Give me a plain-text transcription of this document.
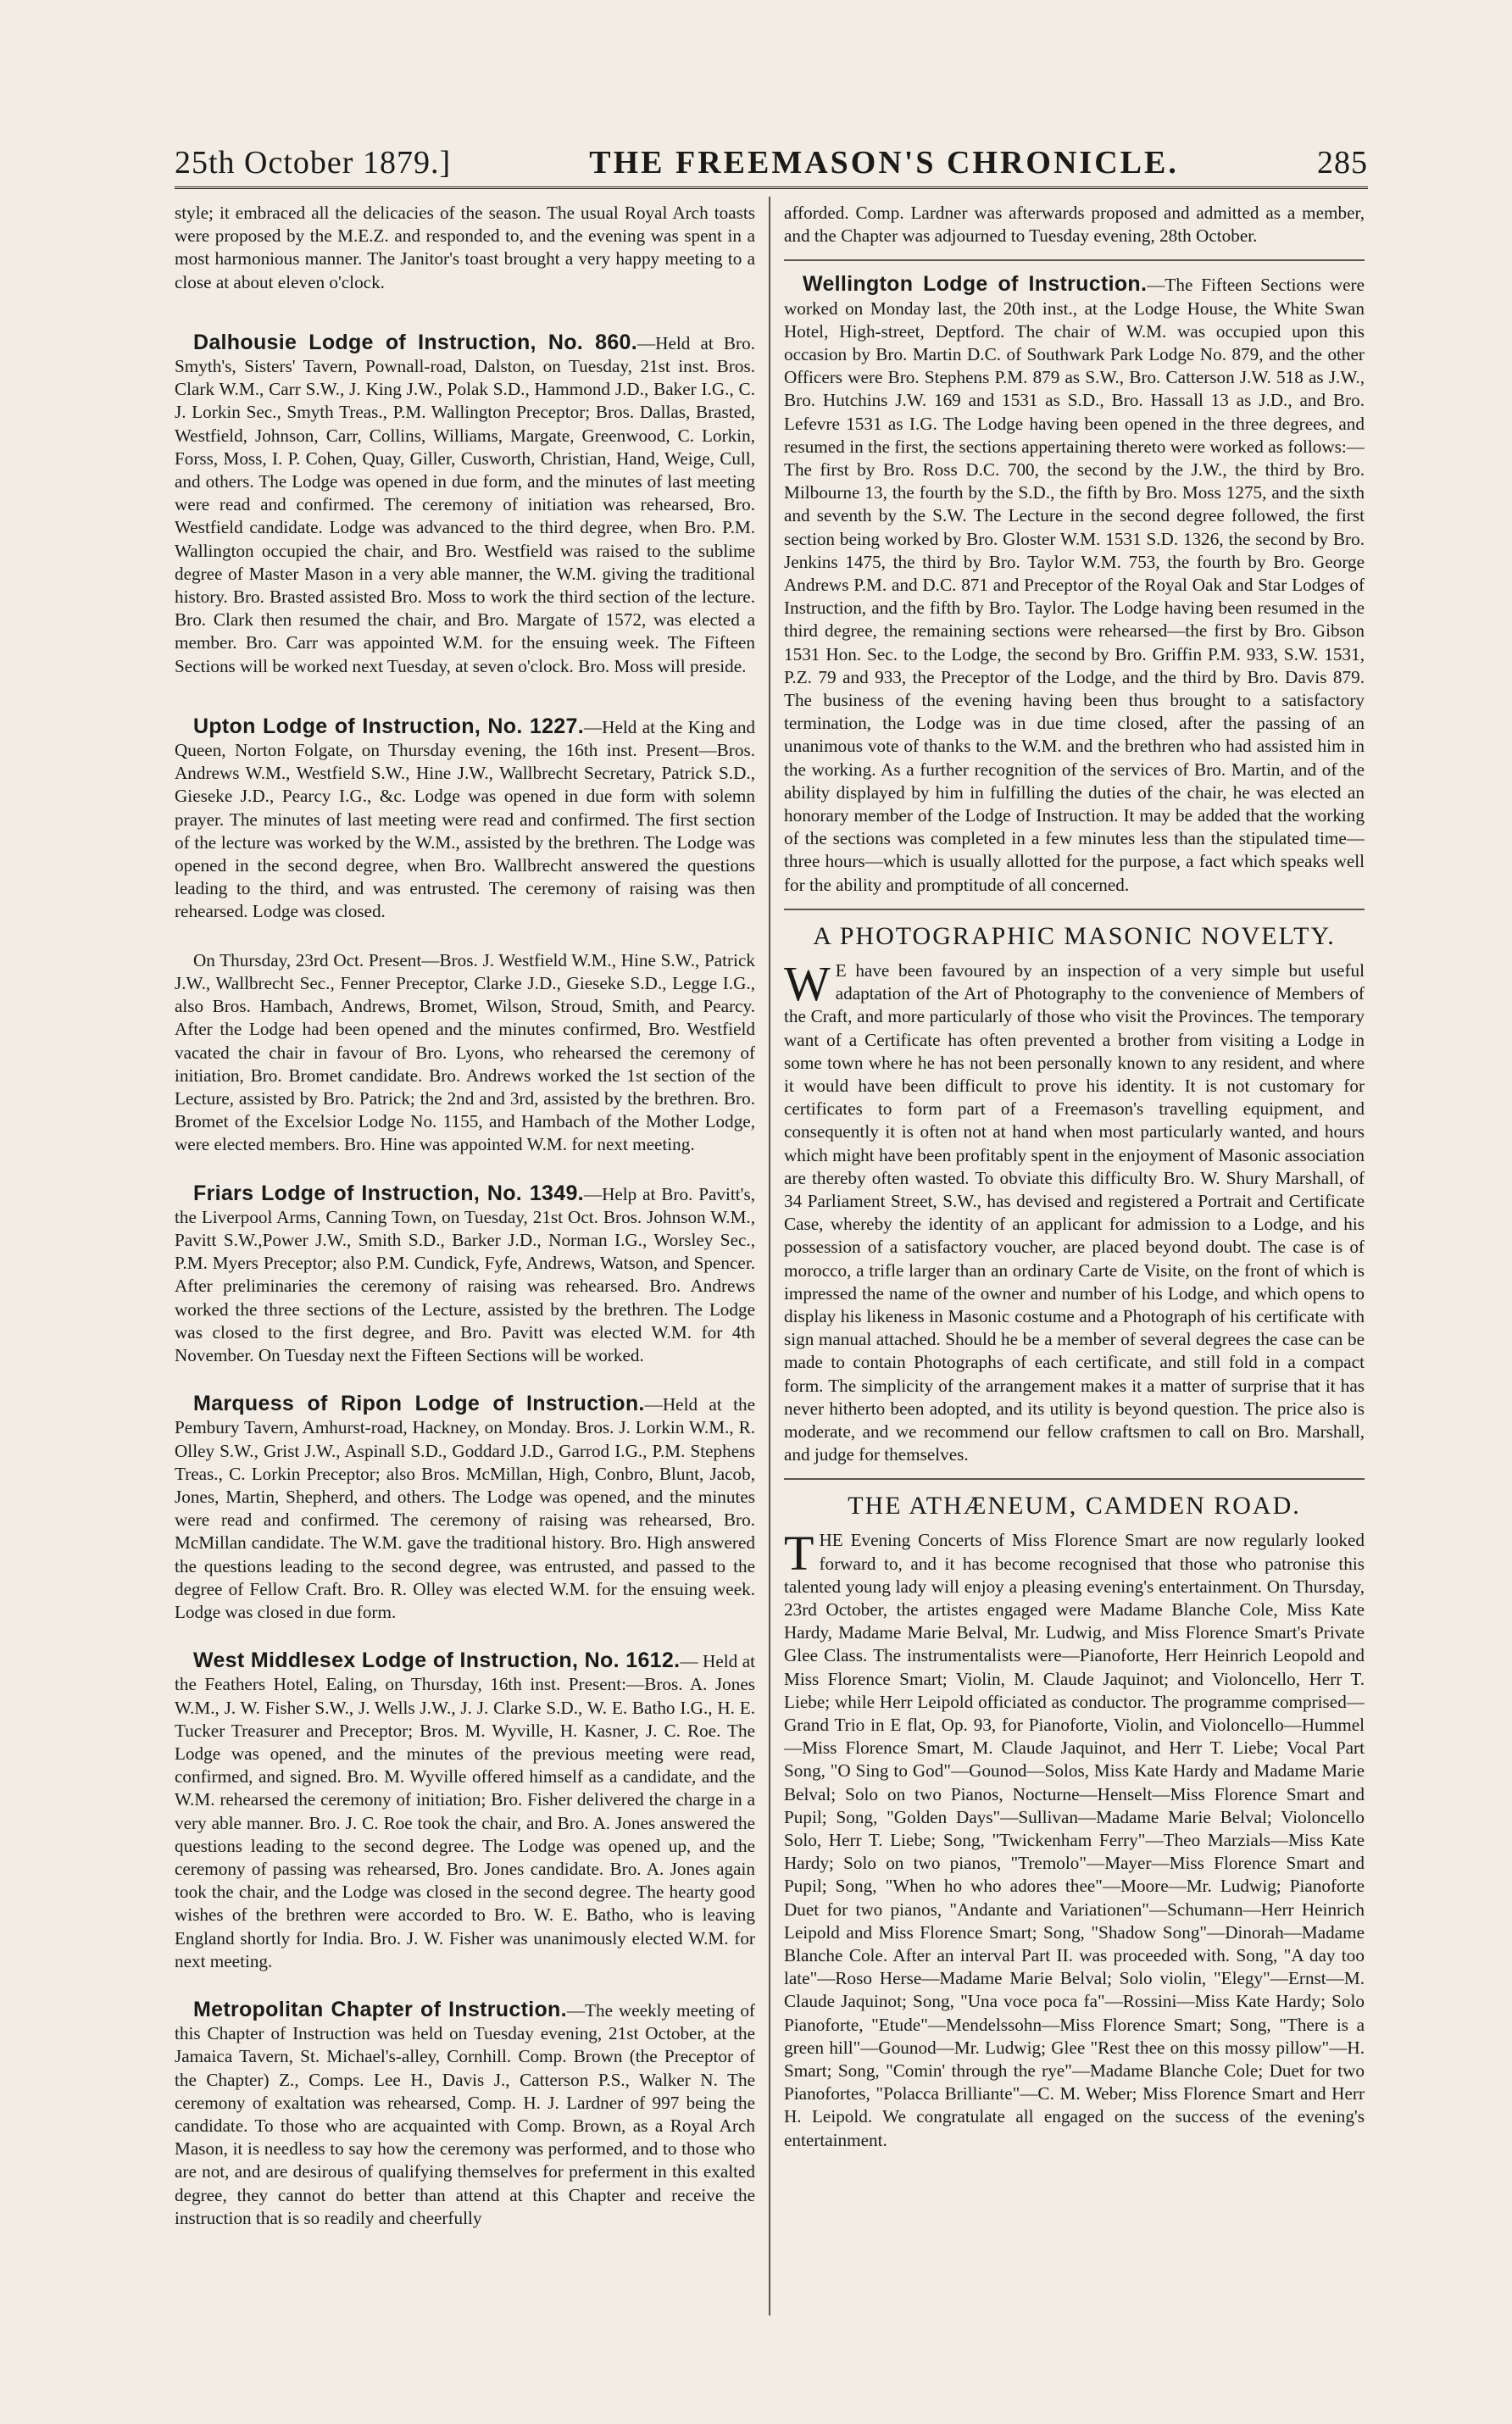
25th October 1879.]	THE FREEMASON'S CHRONICLE.	285

style; it embraced all the delicacies of the season. The usual Royal Arch toasts were proposed by the M.E.Z. and responded to, and the evening was spent in a most harmonious manner. The Janitor's toast brought a very happy meeting to a close at about eleven o'clock.

Dalhousie Lodge of Instruction, No. 860.—Held at Bro. Smyth's, Sisters' Tavern, Pownall-road, Dalston, on Tuesday, 21st inst. Bros. Clark W.M., Carr S.W., J. King J.W., Polak S.D., Hammond J.D., Baker I.G., C. J. Lorkin Sec., Smyth Treas., P.M. Wallington Preceptor; Bros. Dallas, Brasted, Westfield, Johnson, Carr, Collins, Williams, Margate, Greenwood, C. Lorkin, Forss, Moss, I. P. Cohen, Quay, Giller, Cusworth, Christian, Hand, Weige, Cull, and others. The Lodge was opened in due form, and the minutes of last meeting were read and confirmed. The ceremony of initiation was rehearsed, Bro. Westfield candidate. Lodge was advanced to the third degree, when Bro. P.M. Wallington occupied the chair, and Bro. Westfield was raised to the sublime degree of Master Mason in a very able manner, the W.M. giving the traditional history. Bro. Brasted assisted Bro. Moss to work the third section of the lecture. Bro. Clark then resumed the chair, and Bro. Margate of 1572, was elected a member. Bro. Carr was appointed W.M. for the ensuing week. The Fifteen Sections will be worked next Tuesday, at seven o'clock. Bro. Moss will preside.

Upton Lodge of Instruction, No. 1227.—Held at the King and Queen, Norton Folgate, on Thursday evening, the 16th inst. Present—Bros. Andrews W.M., Westfield S.W., Hine J.W., Wallbrecht Secretary, Patrick S.D., Gieseke J.D., Pearcy I.G., &c. Lodge was opened in due form with solemn prayer. The minutes of last meeting were read and confirmed. The first section of the lecture was worked by the W.M., assisted by the brethren. The Lodge was opened in the second degree, when Bro. Wallbrecht answered the questions leading to the third, and was entrusted. The ceremony of raising was then rehearsed. Lodge was closed.

On Thursday, 23rd Oct. Present—Bros. J. Westfield W.M., Hine S.W., Patrick J.W., Wallbrecht Sec., Fenner Preceptor, Clarke J.D., Gieseke S.D., Legge I.G., also Bros. Hambach, Andrews, Bromet, Wilson, Stroud, Smith, and Pearcy. After the Lodge had been opened and the minutes confirmed, Bro. Westfield vacated the chair in favour of Bro. Lyons, who rehearsed the ceremony of initiation, Bro. Bromet candidate. Bro. Andrews worked the 1st section of the Lecture, assisted by Bro. Patrick; the 2nd and 3rd, assisted by the brethren. Bro. Bromet of the Excelsior Lodge No. 1155, and Hambach of the Mother Lodge, were elected members. Bro. Hine was appointed W.M. for next meeting.

Friars Lodge of Instruction, No. 1349.—Help at Bro. Pavitt's, the Liverpool Arms, Canning Town, on Tuesday, 21st Oct. Bros. Johnson W.M., Pavitt S.W.,Power J.W., Smith S.D., Barker J.D., Norman I.G., Worsley Sec., P.M. Myers Preceptor; also P.M. Cundick, Fyfe, Andrews, Watson, and Spencer. After preliminaries the ceremony of raising was rehearsed. Bro. Andrews worked the three sections of the Lecture, assisted by the brethren. The Lodge was closed to the first degree, and Bro. Pavitt was elected W.M. for 4th November. On Tuesday next the Fifteen Sections will be worked.

Marquess of Ripon Lodge of Instruction.—Held at the Pembury Tavern, Amhurst-road, Hackney, on Monday. Bros. J. Lorkin W.M., R. Olley S.W., Grist J.W., Aspinall S.D., Goddard J.D., Garrod I.G., P.M. Stephens Treas., C. Lorkin Preceptor; also Bros. McMillan, High, Conbro, Blunt, Jacob, Jones, Martin, Shepherd, and others. The Lodge was opened, and the minutes were read and confirmed. The ceremony of raising was rehearsed, Bro. McMillan candidate. The W.M. gave the traditional history. Bro. High answered the questions leading to the second degree, was entrusted, and passed to the degree of Fellow Craft. Bro. R. Olley was elected W.M. for the ensuing week. Lodge was closed in due form.

West Middlesex Lodge of Instruction, No. 1612.— Held at the Feathers Hotel, Ealing, on Thursday, 16th inst. Present:—Bros. A. Jones W.M., J. W. Fisher S.W., J. Wells J.W., J. J. Clarke S.D., W. E. Batho I.G., H. E. Tucker Treasurer and Preceptor; Bros. M. Wyville, H. Kasner, J. C. Roe. The Lodge was opened, and the minutes of the previous meeting were read, confirmed, and signed. Bro. M. Wyville offered himself as a candidate, and the W.M. rehearsed the ceremony of initiation; Bro. Fisher delivered the charge in a very able manner. Bro. J. C. Roe took the chair, and Bro. A. Jones answered the questions leading to the second degree. The Lodge was opened up, and the ceremony of passing was rehearsed, Bro. Jones candidate. Bro. A. Jones again took the chair, and the Lodge was closed in the second degree. The hearty good wishes of the brethren were accorded to Bro. W. E. Batho, who is leaving England shortly for India. Bro. J. W. Fisher was unanimously elected W.M. for next meeting.

Metropolitan Chapter of Instruction.—The weekly meeting of this Chapter of Instruction was held on Tuesday evening, 21st October, at the Jamaica Tavern, St. Michael's-alley, Cornhill. Comp. Brown (the Preceptor of the Chapter) Z., Comps. Lee H., Davis J., Catterson P.S., Walker N. The ceremony of exaltation was rehearsed, Comp. H. J. Lardner of 997 being the candidate. To those who are acquainted with Comp. Brown, as a Royal Arch Mason, it is needless to say how the ceremony was performed, and to those who are not, and are desirous of qualifying themselves for preferment in this exalted degree, they cannot do better than attend at this Chapter and receive the instruction that is so readily and cheerfully

afforded. Comp. Lardner was afterwards proposed and admitted as a member, and the Chapter was adjourned to Tuesday evening, 28th October.

Wellington Lodge of Instruction.—The Fifteen Sections were worked on Monday last, the 20th inst., at the Lodge House, the White Swan Hotel, High-street, Deptford. The chair of W.M. was occupied upon this occasion by Bro. Martin D.C. of Southwark Park Lodge No. 879, and the other Officers were Bro. Stephens P.M. 879 as S.W., Bro. Catterson J.W. 518 as J.W., Bro. Hutchins J.W. 169 and 1531 as S.D., Bro. Hassall 13 as J.D., and Bro. Lefevre 1531 as I.G. The Lodge having been opened in the three degrees, and resumed in the first, the sections appertaining thereto were worked as follows:—The first by Bro. Ross D.C. 700, the second by the J.W., the third by Bro. Milbourne 13, the fourth by the S.D., the fifth by Bro. Moss 1275, and the sixth and seventh by the S.W. The Lecture in the second degree followed, the first section being worked by Bro. Gloster W.M. 1531 S.D. 1326, the second by Bro. Jenkins 1475, the third by Bro. Taylor W.M. 753, the fourth by Bro. George Andrews P.M. and D.C. 871 and Preceptor of the Royal Oak and Star Lodges of Instruction, and the fifth by Bro. Taylor. The Lodge having been resumed in the third degree, the remaining sections were rehearsed—the first by Bro. Gibson 1531 Hon. Sec. to the Lodge, the second by Bro. Griffin P.M. 933, S.W. 1531, P.Z. 79 and 933, the Preceptor of the Lodge, and the third by Bro. Davis 879. The business of the evening having been thus brought to a satisfactory termination, the Lodge was in due time closed, after the passing of an unanimous vote of thanks to the W.M. and the brethren who had assisted him in the working. As a further recognition of the services of Bro. Martin, and of the ability displayed by him in fulfilling the duties of the chair, he was elected an honorary member of the Lodge of Instruction. It may be added that the working of the sections was completed in a few minutes less than the stipulated time—three hours—which is usually allotted for the purpose, a fact which speaks well for the ability and promptitude of all concerned.

A PHOTOGRAPHIC MASONIC NOVELTY.

W E have been favoured by an inspection of a very simple but useful adaptation of the Art of Photography to the convenience of Members of the Craft, and more particularly of those who visit the Provinces. The temporary want of a Certificate has often prevented a brother from visiting a Lodge in some town where he has not been personally known to any resident, and where it would have been difficult to prove his identity. It is not customary for certificates to form part of a Freemason's travelling equipment, and consequently it is often not at hand when most particularly wanted, and hours which might have been profitably spent in the enjoyment of Masonic association are thereby often wasted. To obviate this difficulty Bro. W. Shury Marshall, of 34 Parliament Street, S.W., has devised and registered a Portrait and Certificate Case, whereby the identity of an applicant for admission to a Lodge, and his possession of a satisfactory voucher, are placed beyond doubt. The case is of morocco, a trifle larger than an ordinary Carte de Visite, on the front of which is impressed the name of the owner and number of his Lodge, and which opens to display his likeness in Masonic costume and a Photograph of his certificate with sign manual attached. Should he be a member of several degrees the case can be made to contain Photographs of each certificate, and still fold in a compact form. The simplicity of the arrangement makes it a matter of surprise that it has never hitherto been adopted, and its utility is beyond question. The price also is moderate, and we recommend our fellow craftsmen to call on Bro. Marshall, and judge for themselves.

THE ATHÆNEUM, CAMDEN ROAD.

THE Evening Concerts of Miss Florence Smart are now regularly looked forward to, and it has become recognised that those who patronise this talented young lady will enjoy a pleasing evening's entertainment. On Thursday, 23rd October, the artistes engaged were Madame Blanche Cole, Miss Kate Hardy, Madame Marie Belval, Mr. Ludwig, and Miss Florence Smart's Private Glee Class. The instrumentalists were—Pianoforte, Herr Heinrich Leopold and Miss Florence Smart; Violin, M. Claude Jaquinot; and Violoncello, Herr T. Liebe; while Herr Leipold officiated as conductor. The programme comprised—Grand Trio in E flat, Op. 93, for Pianoforte, Violin, and Violoncello—Hummel—Miss Florence Smart, M. Claude Jaquinot, and Herr T. Liebe; Vocal Part Song, "O Sing to God"—Gounod—Solos, Miss Kate Hardy and Madame Marie Belval; Solo on two Pianos, Nocturne—Henselt—Miss Florence Smart and Pupil; Song, "Golden Days"—Sullivan—Madame Marie Belval; Violoncello Solo, Herr T. Liebe; Song, "Twickenham Ferry"—Theo Marzials—Miss Kate Hardy; Solo on two pianos, "Tremolo"—Mayer—Miss Florence Smart and Pupil; Song, "When ho who adores thee"—Moore—Mr. Ludwig; Pianoforte Duet for two pianos, "Andante and Variationen"—Schumann—Herr Heinrich Leipold and Miss Florence Smart; Song, "Shadow Song"—Dinorah—Madame Blanche Cole. After an interval Part II. was proceeded with. Song, "A day too late"—Roso Herse—Madame Marie Belval; Solo violin, "Elegy"—Ernst—M. Claude Jaquinot; Song, "Una voce poca fa"—Rossini—Miss Kate Hardy; Solo Pianoforte, "Etude"—Mendelssohn—Miss Florence Smart; Song, "There is a green hill"—Gounod—Mr. Ludwig; Glee "Rest thee on this mossy pillow"—H. Smart; Song, "Comin' through the rye"—Madame Blanche Cole; Duet for two Pianofortes, "Polacca Brilliante"—C. M. Weber; Miss Florence Smart and Herr H. Leipold. We congratulate all engaged on the success of the evening's entertainment.
